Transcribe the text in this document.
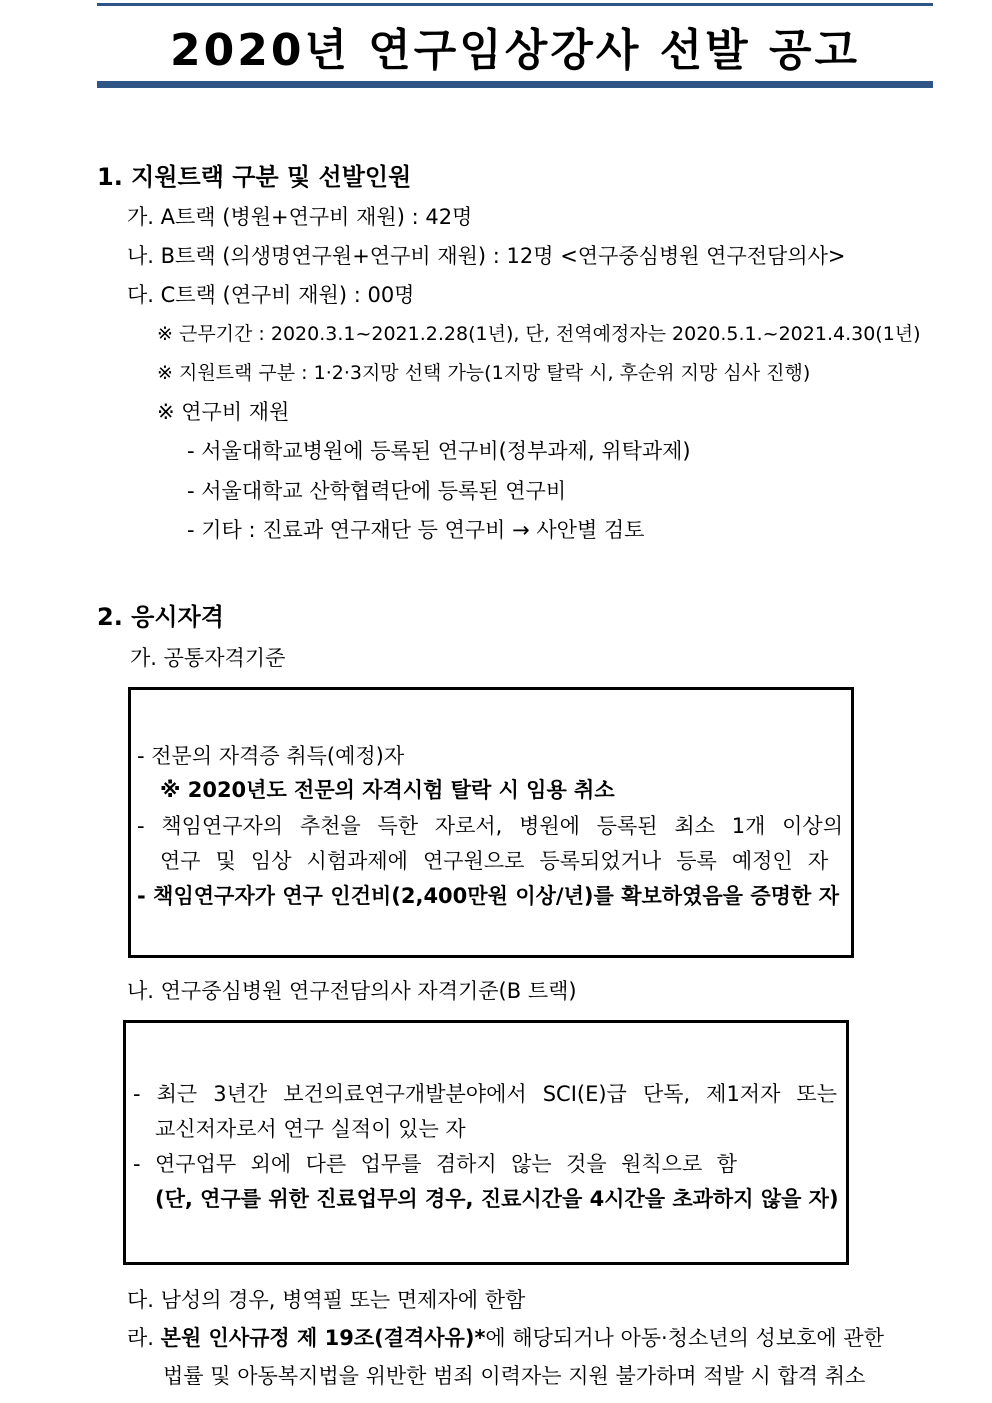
2020년 연구임상강사 선발 공고
1. 지원트랙 구분 및 선발인원
가. A트랙 (병원+연구비 재원) : 42명
나. B트랙 (의생명연구원+연구비 재원) : 12명 <연구중심병원 연구전담의사>
다. C트랙 (연구비 재원) : 00명
※ 근무기간 : 2020.3.1~2021.2.28(1년), 단, 전역예정자는 2020.5.1.~2021.4.30(1년)
※ 지원트랙 구분 : 1·2·3지망 선택 가능(1지망 탈락 시, 후순위 지망 심사 진행)
※ 연구비 재원
- 서울대학교병원에 등록된 연구비(정부과제, 위탁과제)
- 서울대학교 산학협력단에 등록된 연구비
- 기타 : 진료과 연구재단 등 연구비 → 사안별 검토
2. 응시자격
가. 공통자격기준
- 전문의 자격증 취득(예정)자
※ 2020년도 전문의 자격시험 탈락 시 임용 취소
- 책임연구자의 추천을 득한 자로서, 병원에 등록된 최소 1개 이상의
연구 및 임상 시험과제에 연구원으로 등록되었거나 등록 예정인 자
- 책임연구자가 연구 인건비(2,400만원 이상/년)를 확보하였음을 증명한 자
나. 연구중심병원 연구전담의사 자격기준(B 트랙)
- 최근 3년간 보건의료연구개발분야에서 SCI(E)급 단독, 제1저자 또는
교신저자로서 연구 실적이 있는 자
- 연구업무 외에 다른 업무를 겸하지 않는 것을 원칙으로 함
(단, 연구를 위한 진료업무의 경우, 진료시간을 4시간을 초과하지 않을 자)
다. 남성의 경우, 병역필 또는 면제자에 한함
라. 본원 인사규정 제 19조(결격사유)*에 해당되거나 아동·청소년의 성보호에 관한
법률 및 아동복지법을 위반한 범죄 이력자는 지원 불가하며 적발 시 합격 취소
